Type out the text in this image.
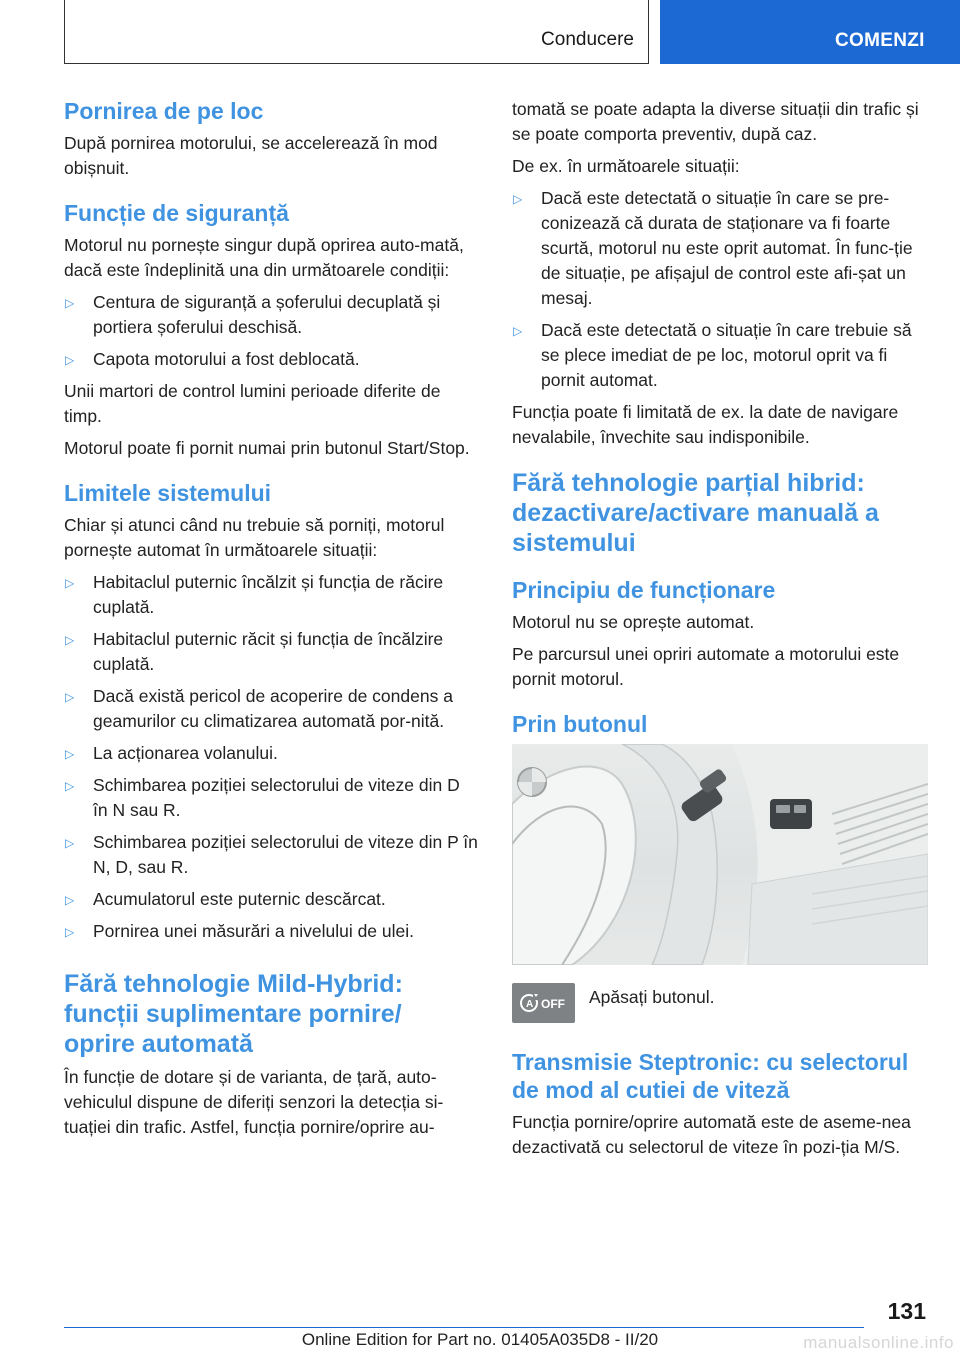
Conducere	COMENZI
Pornirea de pe loc

După pornirea motorului, se accelerează în mod obișnuit.

Funcție de siguranță

Motorul nu pornește singur după oprirea auto-mată, dacă este îndeplinită una din următoarele condiții:

▷ Centura de siguranță a șoferului decuplată și portiera șoferului deschisă.
▷ Capota motorului a fost deblocată.

Unii martori de control lumini perioade diferite de timp.

Motorul poate fi pornit numai prin butonul Start/Stop.

Limitele sistemului

Chiar și atunci când nu trebuie să porniți, motorul pornește automat în următoarele situații:

▷ Habitaclul puternic încălzit și funcția de răcire cuplată.
▷ Habitaclul puternic răcit și funcția de încălzire cuplată.
▷ Dacă există pericol de acoperire de condens a geamurilor cu climatizarea automată por-nită.
▷ La acționarea volanului.
▷ Schimbarea poziției selectorului de viteze din D în N sau R.
▷ Schimbarea poziției selectorului de viteze din P în N, D, sau R.
▷ Acumulatorul este puternic descărcat.
▷ Pornirea unei măsurări a nivelului de ulei.
Fără tehnologie Mild-Hybrid: funcții suplimentare pornire/ oprire automată

În funcție de dotare și de varianta, de țară, auto-vehiculul dispune de diferiți senzori la detecția si-tuației din trafic. Astfel, funcția pornire/oprire au-

tomată se poate adapta la diverse situații din trafic și se poate comporta preventiv, după caz.

De ex. în următoarele situații:

▷ Dacă este detectată o situație în care se pre-conizează că durata de staționare va fi foarte scurtă, motorul nu este oprit automat. În func-ție de situație, pe afișajul de control este afi-șat un mesaj.
▷ Dacă este detectată o situație în care trebuie să se plece imediat de pe loc, motorul oprit va fi pornit automat.

Funcția poate fi limitată de ex. la date de navigare nevalabile, învechite sau indisponibile.

Fără tehnologie parțial hibrid: dezactivare/activare manuală a sistemului
Principiu de funcționare

Motorul nu se oprește automat.

Pe parcursul unei opriri automate a motorului este pornit motorul.

Prin butonul
A OFF Apăsați butonul.

Transmisie Steptronic: cu selectorul de mod al cutiei de viteză

Funcția pornire/oprire automată este de aseme-nea dezactivată cu selectorul de viteze în pozi-ția M/S.

131
Online Edition for Part no. 01405A035D8 - II/20	manualsonline.info
